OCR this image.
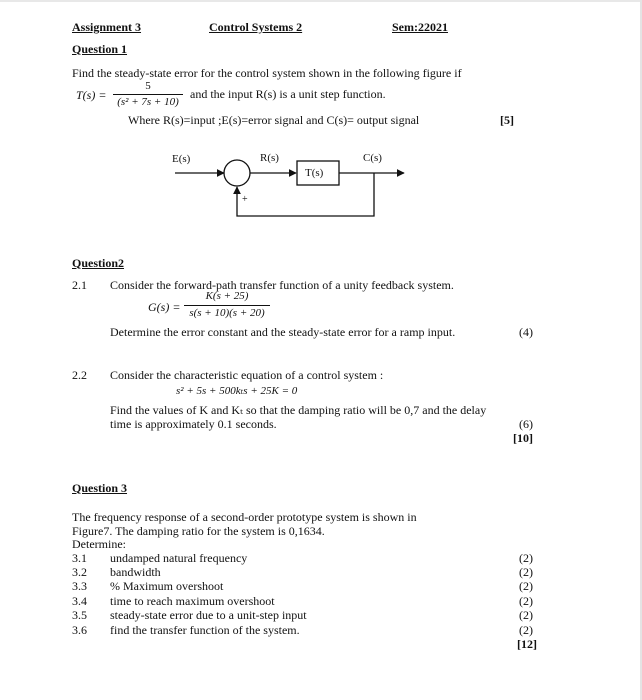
Assignment 3	Control Systems 2	Sem:22021
Question 1
Find the steady-state error for the control system shown in the following figure if
T(s) =
5
(s² + 7s + 10)
and the input R(s) is a unit step function.
Where R(s)=input ;E(s)=error signal and C(s)= output signal	[5]
E(s)	R(s)	C(s)
T(s)
+
Question2
2.1 Consider the forward-path transfer function of a unity feedback system.
G(s) =
K(s + 25)
s(s + 10)(s + 20)
Determine the error constant and the steady-state error for a ramp input.	(4)
2.2 Consider the characteristic equation of a control system :
s² + 5s + 500kₜs + 25K = 0
Find the values of K and Kₜ so that the damping ratio will be 0,7 and the delay
time is approximately 0.1 seconds.	(6)
[10]
Question 3
The frequency response of a second-order prototype system is shown in
Figure7. The damping ratio for the system is 0,1634.
Determine:
3.1 undamped natural frequency	(2)
3.2 bandwidth	(2)
3.3 % Maximum overshoot	(2)
3.4 time to reach maximum overshoot	(2)
3.5 steady-state error due to a unit-step input	(2)
3.6 find the transfer function of the system.	(2)
[12]
